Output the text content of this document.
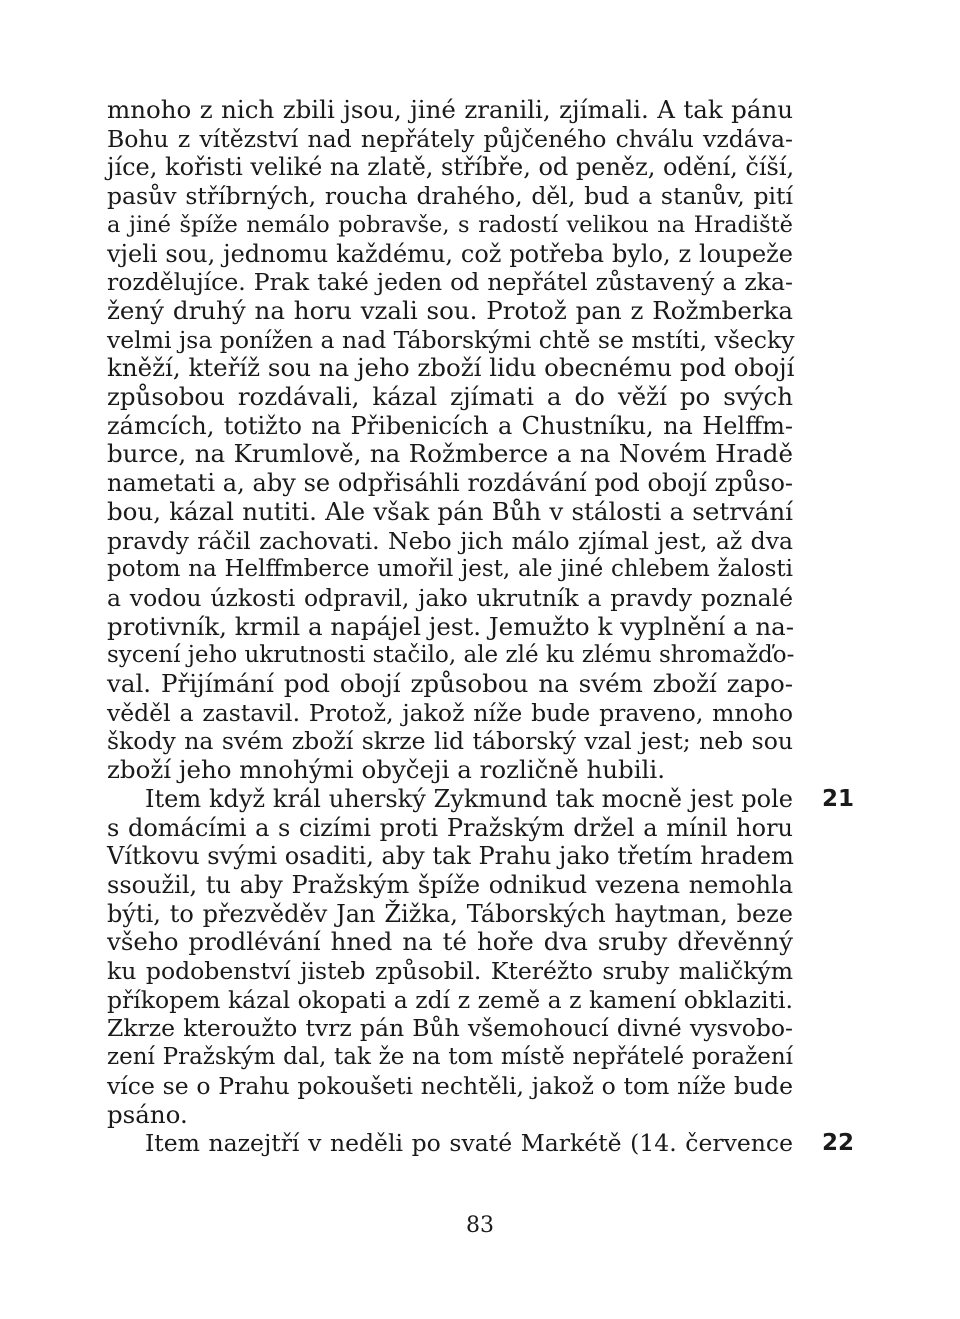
mnoho z nich zbili jsou, jiné zranili, zjímali. A tak pánu
Bohu z vítězství nad nepřátely půjčeného chválu vzdáva-
jíce, kořisti veliké na zlatě, stříbře, od peněz, odění, číší,
pasův stříbrných, roucha drahého, děl, bud a stanův, pití
a jiné špíže nemálo pobravše, s radostí velikou na Hradiště
vjeli sou, jednomu každému, což potřeba bylo, z loupeže
rozdělujíce. Prak také jeden od nepřátel zůstavený a zka-
žený druhý na horu vzali sou. Protož pan z Rožmberka
velmi jsa ponížen a nad Táborskými chtě se mstíti, všecky
kněží, kteříž sou na jeho zboží lidu obecnému pod obojí
způsobou rozdávali, kázal zjímati a do věží po svých
zámcích, totižto na Přibenicích a Chustníku, na Helffm-
burce, na Krumlově, na Rožmberce a na Novém Hradě
nametati a, aby se odpřisáhli rozdávání pod obojí způso-
bou, kázal nutiti. Ale však pán Bůh v stálosti a setrvání
pravdy ráčil zachovati. Nebo jich málo zjímal jest, až dva
potom na Helffmberce umořil jest, ale jiné chlebem žalosti
a vodou úzkosti odpravil, jako ukrutník a pravdy poznalé
protivník, krmil a napájel jest. Jemužto k vyplnění a na-
sycení jeho ukrutnosti stačilo, ale zlé ku zlému shromažďo-
val. Přijímání pod obojí způsobou na svém zboží zapo-
věděl a zastavil. Protož, jakož níže bude praveno, mnoho
škody na svém zboží skrze lid táborský vzal jest; neb sou
zboží jeho mnohými obyčeji a rozličně hubili.
Item když král uherský Zykmund tak mocně jest pole 21
s domácími a s cizími proti Pražským držel a mínil horu
Vítkovu svými osaditi, aby tak Prahu jako třetím hradem
ssoužil, tu aby Pražským špíže odnikud vezena nemohla
býti, to přezvěděv Jan Žižka, Táborských haytman, beze
všeho prodlévání hned na té hoře dva sruby dřevěnný
ku podobenství jisteb způsobil. Kteréžto sruby maličkým
příkopem kázal okopati a zdí z země a z kamení obklaziti.
Zkrze kteroužto tvrz pán Bůh všemohoucí divné vysvobo-
zení Pražským dal, tak že na tom místě nepřátelé poražení
více se o Prahu pokoušeti nechtěli, jakož o tom níže bude
psáno.
Item nazejtří v neděli po svaté Markétě (14. července 22
83
